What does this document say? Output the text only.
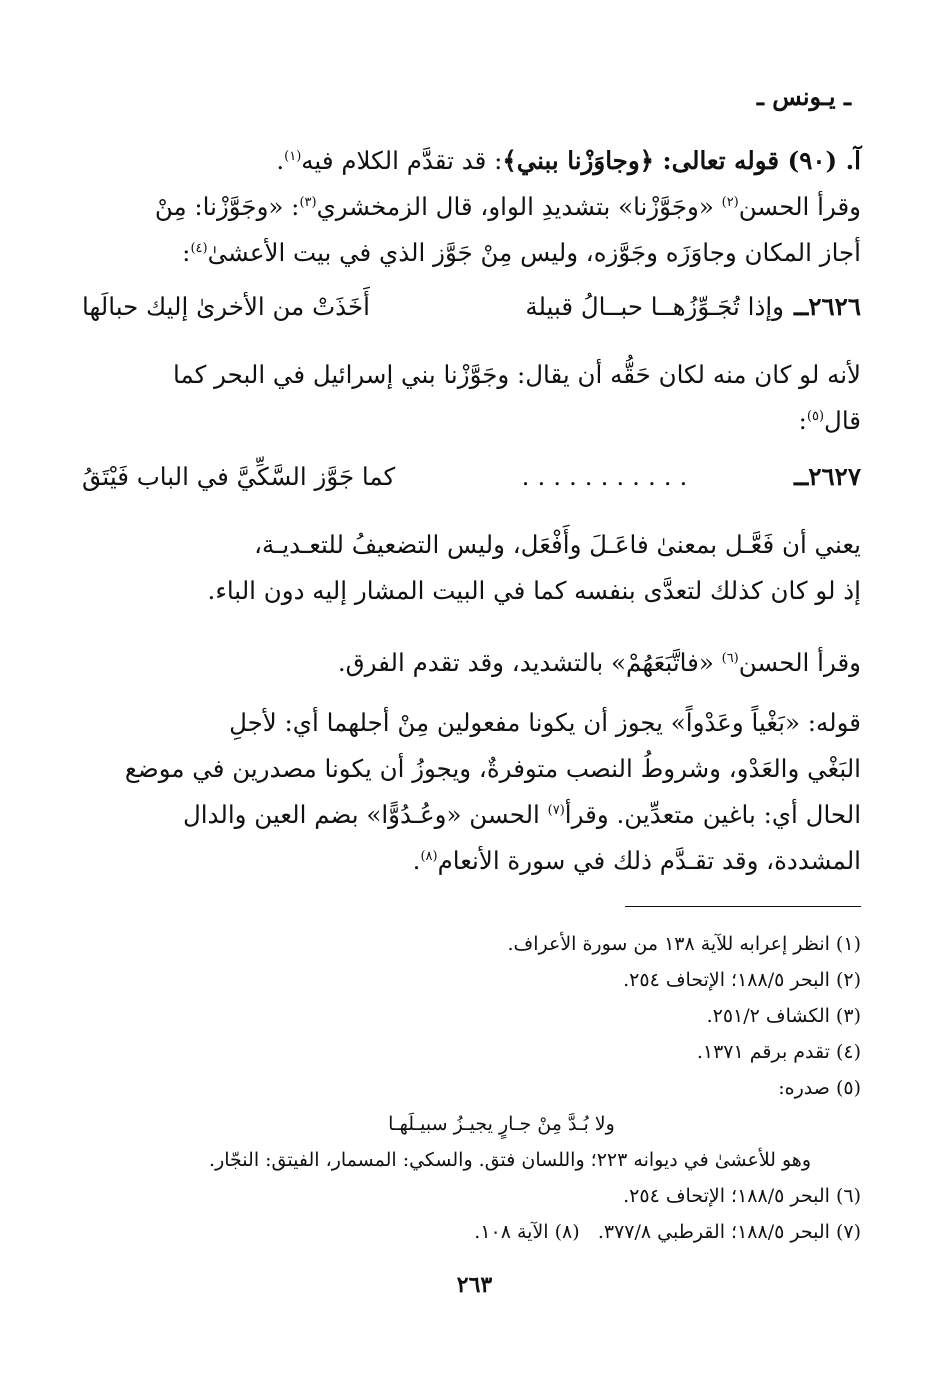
ـ يـونس ـ
آ. (٩٠) قوله تعالى: ﴿وجاوَزْنا ببني﴾: قد تقدَّم الكلام فيه$^{(١)}$.
وقرأ الحسن$^{(٢)}$ «وجَوَّزْنا» بتشديدِ الواو، قال الزمخشري$^{(٣)}$: «وجَوَّزْنا: مِنْ
أجاز المكان وجاوَزَه وجَوَّزه، وليس مِنْ جَوَّز الذي في بيت الأعشىٰ$^{(٤)}$:
٢٦٢٦ــ
وإذا تُجَـوِّزُهــا حبــالُ قبيلة
أَخَذَتْ من الأخرىٰ إليك حبالَها
لأنه لو كان منه لكان حَقُّه أن يقال: وجَوَّزْنا بني إسرائيل في البحر كما
قال$^{(٥)}$:
٢٦٢٧ــ
...........
كما جَوَّز السَّكِّيَّ في الباب فَيْتَقُ
يعني أن فَعَّـل بمعنىٰ فاعَـلَ وأَفْعَل، وليس التضعيفُ للتعـديـة،
إذ لو كان كذلك لتعدَّى بنفسه كما في البيت المشار إليه دون الباء.
وقرأ الحسن$^{(٦)}$ «فاتَّبَعَهُمْ» بالتشديد، وقد تقدم الفرق.
قوله: «بَغْياً وعَدْواً» يجوز أن يكونا مفعولين مِنْ أجلهما أي: لأجلِ
البَغْي والعَدْو، وشروطُ النصب متوفرةٌ، ويجوزُ أن يكونا مصدرين في موضع
الحال أي: باغين متعدِّين. وقرأ$^{(٧)}$ الحسن «وعُـدُوًّا» بضم العين والدال
المشددة، وقد تقـدَّم ذلك في سورة الأنعام$^{(٨)}$.
(١) انظر إعرابه للآية ١٣٨ من سورة الأعراف.
(٢) البحر ١٨٨/٥؛ الإتحاف ٢٥٤.
(٣) الكشاف ٢٥١/٢.
(٤) تقدم برقم ١٣٧١.
(٥) صدره:
ولا بُـدَّ مِنْ جـارٍ يجيـزُ سبيـلَهـا
وهو للأعشىٰ في ديوانه ٢٢٣؛ واللسان فتق. والسكي: المسمار، الفيتق: النجّار.
(٦) البحر ١٨٨/٥؛ الإتحاف ٢٥٤.
(٧) البحر ١٨٨/٥؛ القرطبي ٣٧٧/٨.   (٨) الآية ١٠٨.
٢٦٣
